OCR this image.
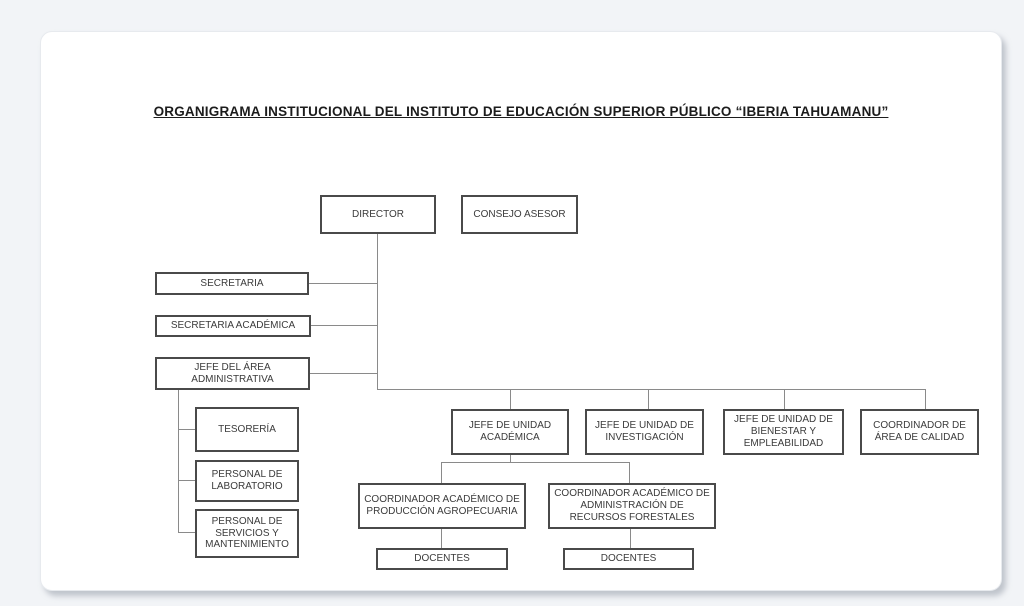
ORGANIGRAMA INSTITUCIONAL DEL INSTITUTO DE EDUCACIÓN SUPERIOR PÚBLICO “IBERIA TAHUAMANU”
DIRECTOR	CONSEJO ASESOR
SECRETARIA
SECRETARIA ACADÉMICA
JEFE DEL ÁREA ADMINISTRATIVA
TESORERÍA
PERSONAL DE LABORATORIO
PERSONAL DE SERVICIOS Y MANTENIMIENTO
JEFE DE UNIDAD ACADÉMICA
JEFE DE UNIDAD DE INVESTIGACIÓN
JEFE DE UNIDAD DE BIENESTAR Y EMPLEABILIDAD
COORDINADOR DE ÁREA DE CALIDAD
COORDINADOR ACADÉMICO DE PRODUCCIÓN AGROPECUARIA
COORDINADOR ACADÉMICO DE ADMINISTRACIÓN DE RECURSOS FORESTALES
DOCENTES	DOCENTES
